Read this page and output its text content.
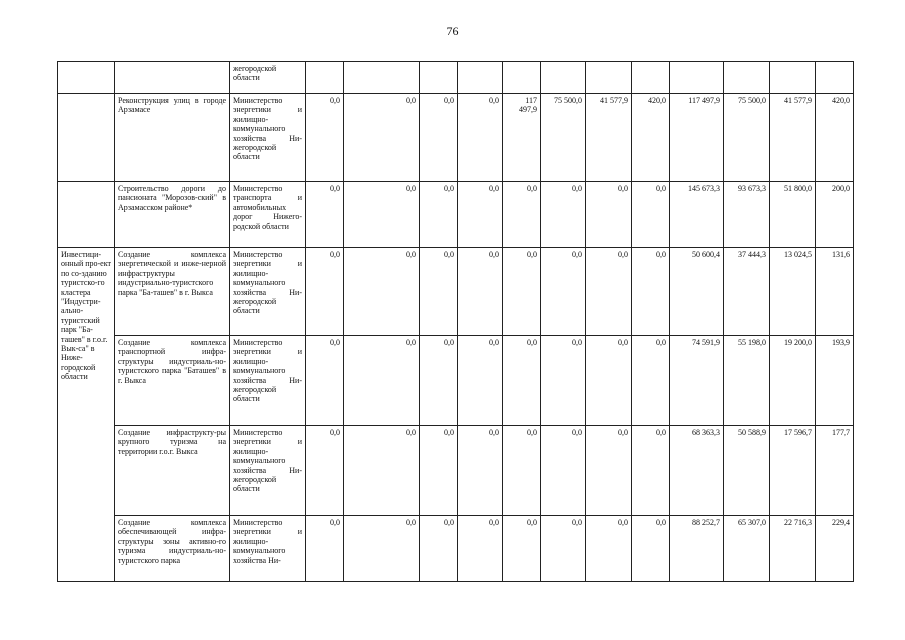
76
		жегородской области												
	Реконструкция улиц в городе Арзамасе	Министерство энергетики и жилищно-коммунального хозяйства Ни-жегородской области	0,0	0,0	0,0	0,0	117 497,9	75 500,0	41 577,9	420,0	117 497,9	75 500,0	41 577,9	420,0
	Строительство дороги до пансионата "Морозов-ский" в Арзамасском районе*	Министерство транспорта и автомобильных дорог Нижего-родской области	0,0	0,0	0,0	0,0	0,0	0,0	0,0	0,0	145 673,3	93 673,3	51 800,0	200,0
Инвестици-онный про-ект по со-зданию туристско-го кластера "Индустри-ально-туристский парк "Ба-ташев" в г.о.г. Вык-са" в Ниже-городской области	Создание комплекса энергетической и инже-нерной инфраструктуры индустриально-туристского парка "Ба-ташев" в г. Выкса	Министерство энергетики и жилищно-коммунального хозяйства Ни-жегородской области	0,0	0,0	0,0	0,0	0,0	0,0	0,0	0,0	50 600,4	37 444,3	13 024,5	131,6
	Создание комплекса транспортной инфра-структуры индустриаль-но-туристского парка "Баташев" в г. Выкса	Министерство энергетики и жилищно-коммунального хозяйства Ни-жегородской области	0,0	0,0	0,0	0,0	0,0	0,0	0,0	0,0	74 591,9	55 198,0	19 200,0	193,9
	Создание инфраструкту-ры крупного туризма на территории г.о.г. Выкса	Министерство энергетики и жилищно-коммунального хозяйства Ни-жегородской области	0,0	0,0	0,0	0,0	0,0	0,0	0,0	0,0	68 363,3	50 588,9	17 596,7	177,7
	Создание комплекса обеспечивающей инфра-структуры зоны активно-го туризма индустриаль-но-туристского парка	Министерство энергетики и жилищно-коммунального хозяйства Ни-	0,0	0,0	0,0	0,0	0,0	0,0	0,0	0,0	88 252,7	65 307,0	22 716,3	229,4
